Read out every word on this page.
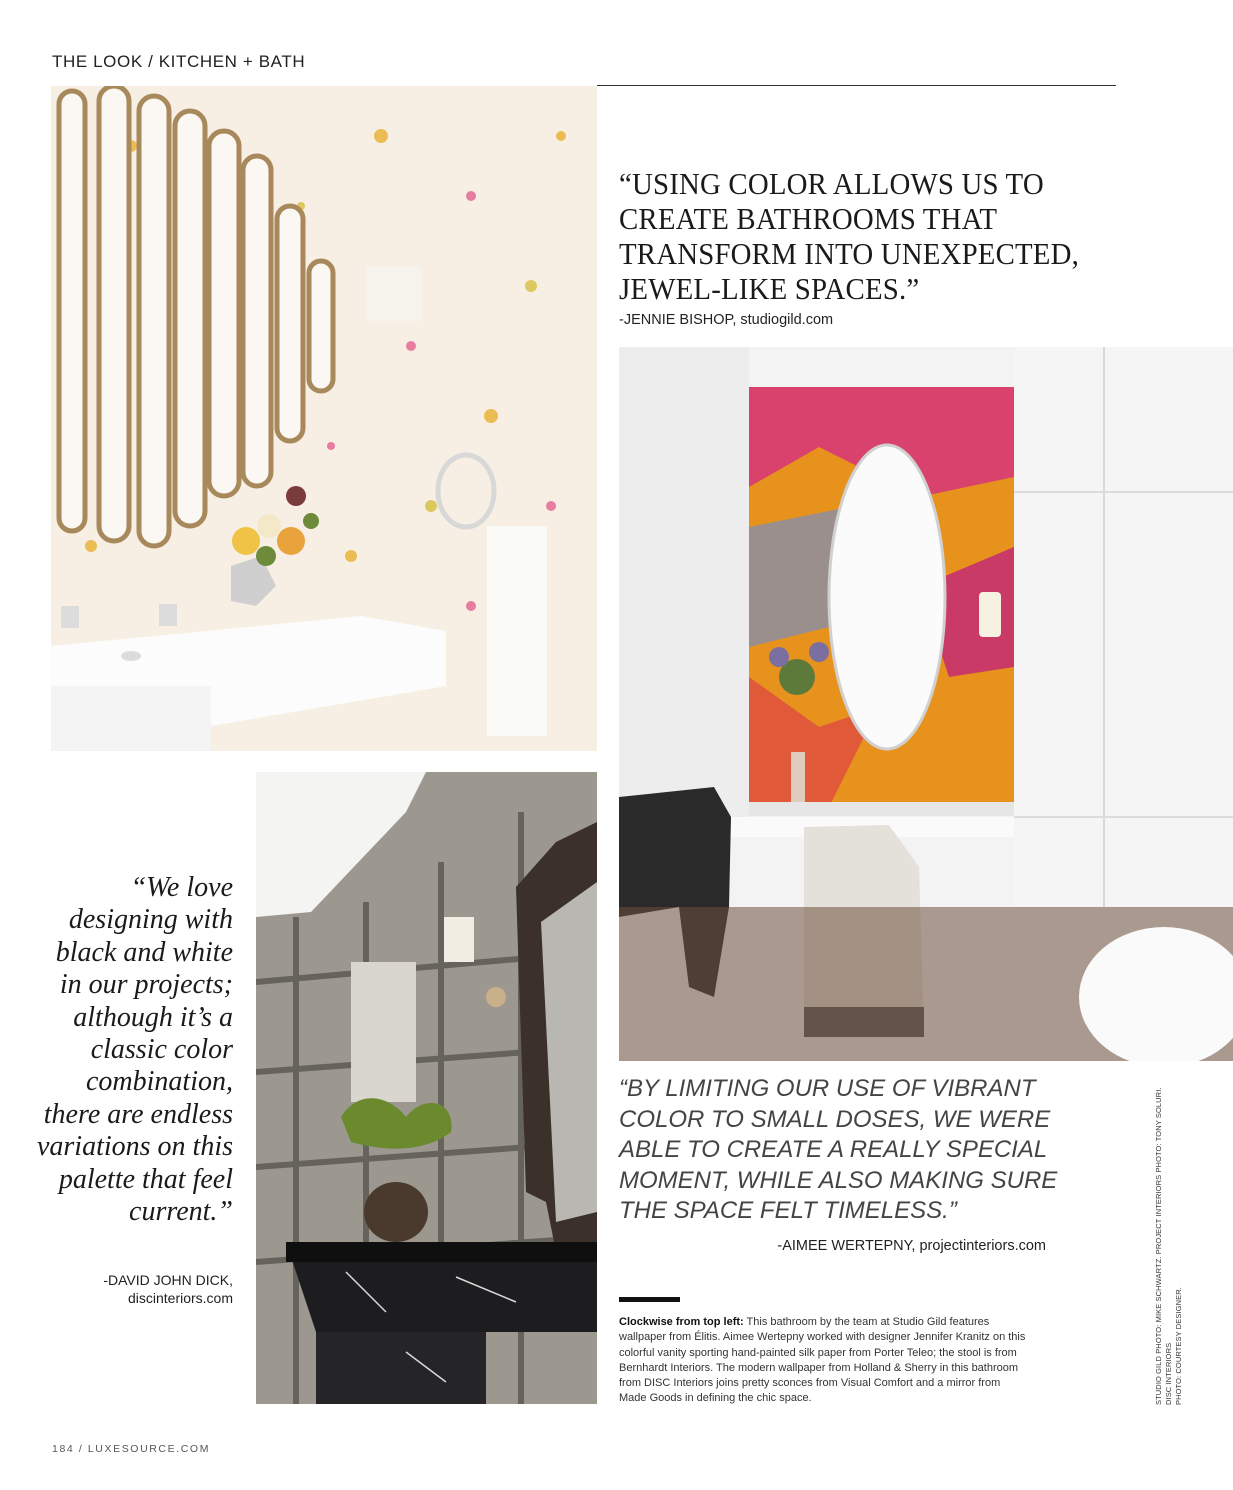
THE LOOK / KITCHEN + BATH
“USING COLOR ALLOWS US TO CREATE BATHROOMS THAT TRANSFORM INTO UNEXPECTED, JEWEL-LIKE SPACES.”
-JENNIE BISHOP, studiogild.com
“BY LIMITING OUR USE OF VIBRANT COLOR TO SMALL DOSES, WE WERE ABLE TO CREATE A REALLY SPECIAL MOMENT, WHILE ALSO MAKING SURE THE SPACE FELT TIMELESS.”
-AIMEE WERTEPNY, projectinteriors.com
“We love designing with black and white in our projects; although it’s a classic color combination, there are endless variations on this palette that feel current.”
-DAVID JOHN DICK,
discinteriors.com
Clockwise from top left: This bathroom by the team at Studio Gild features wallpaper from Élitis. Aimee Wertepny worked with designer Jennifer Kranitz on this colorful vanity sporting hand-painted silk paper from Porter Teleo; the stool is from Bernhardt Interiors. The modern wallpaper from Holland & Sherry in this bathroom from DISC Interiors joins pretty sconces from Visual Comfort and a mirror from Made Goods in defining the chic space.	STUDIO GILD PHOTO: MIKE SCHWARTZ. PROJECT INTERIORS PHOTO: TONY SOLURI. DISC INTERIORS PHOTO: COURTESY DESIGNER.
184 / LUXESOURCE.COM
